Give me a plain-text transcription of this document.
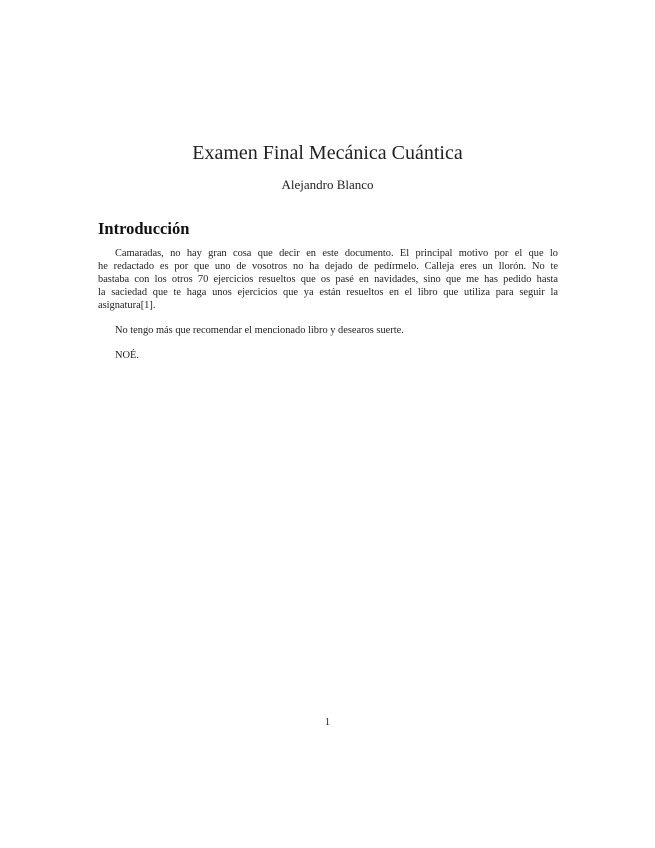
Examen Final Mecánica Cuántica
Alejandro Blanco
Introducción
Camaradas, no hay gran cosa que decir en este documento. El principal motivo por el que lo
he redactado es por que uno de vosotros no ha dejado de pedírmelo. Calleja eres un llorón. No te
bastaba con los otros 70 ejercicios resueltos que os pasé en navidades, sino que me has pedido hasta
la saciedad que te haga unos ejercicios que ya están resueltos en el libro que utiliza para seguir la
asignatura[1].
No tengo más que recomendar el mencionado libro y desearos suerte.
NOÉ.
1
